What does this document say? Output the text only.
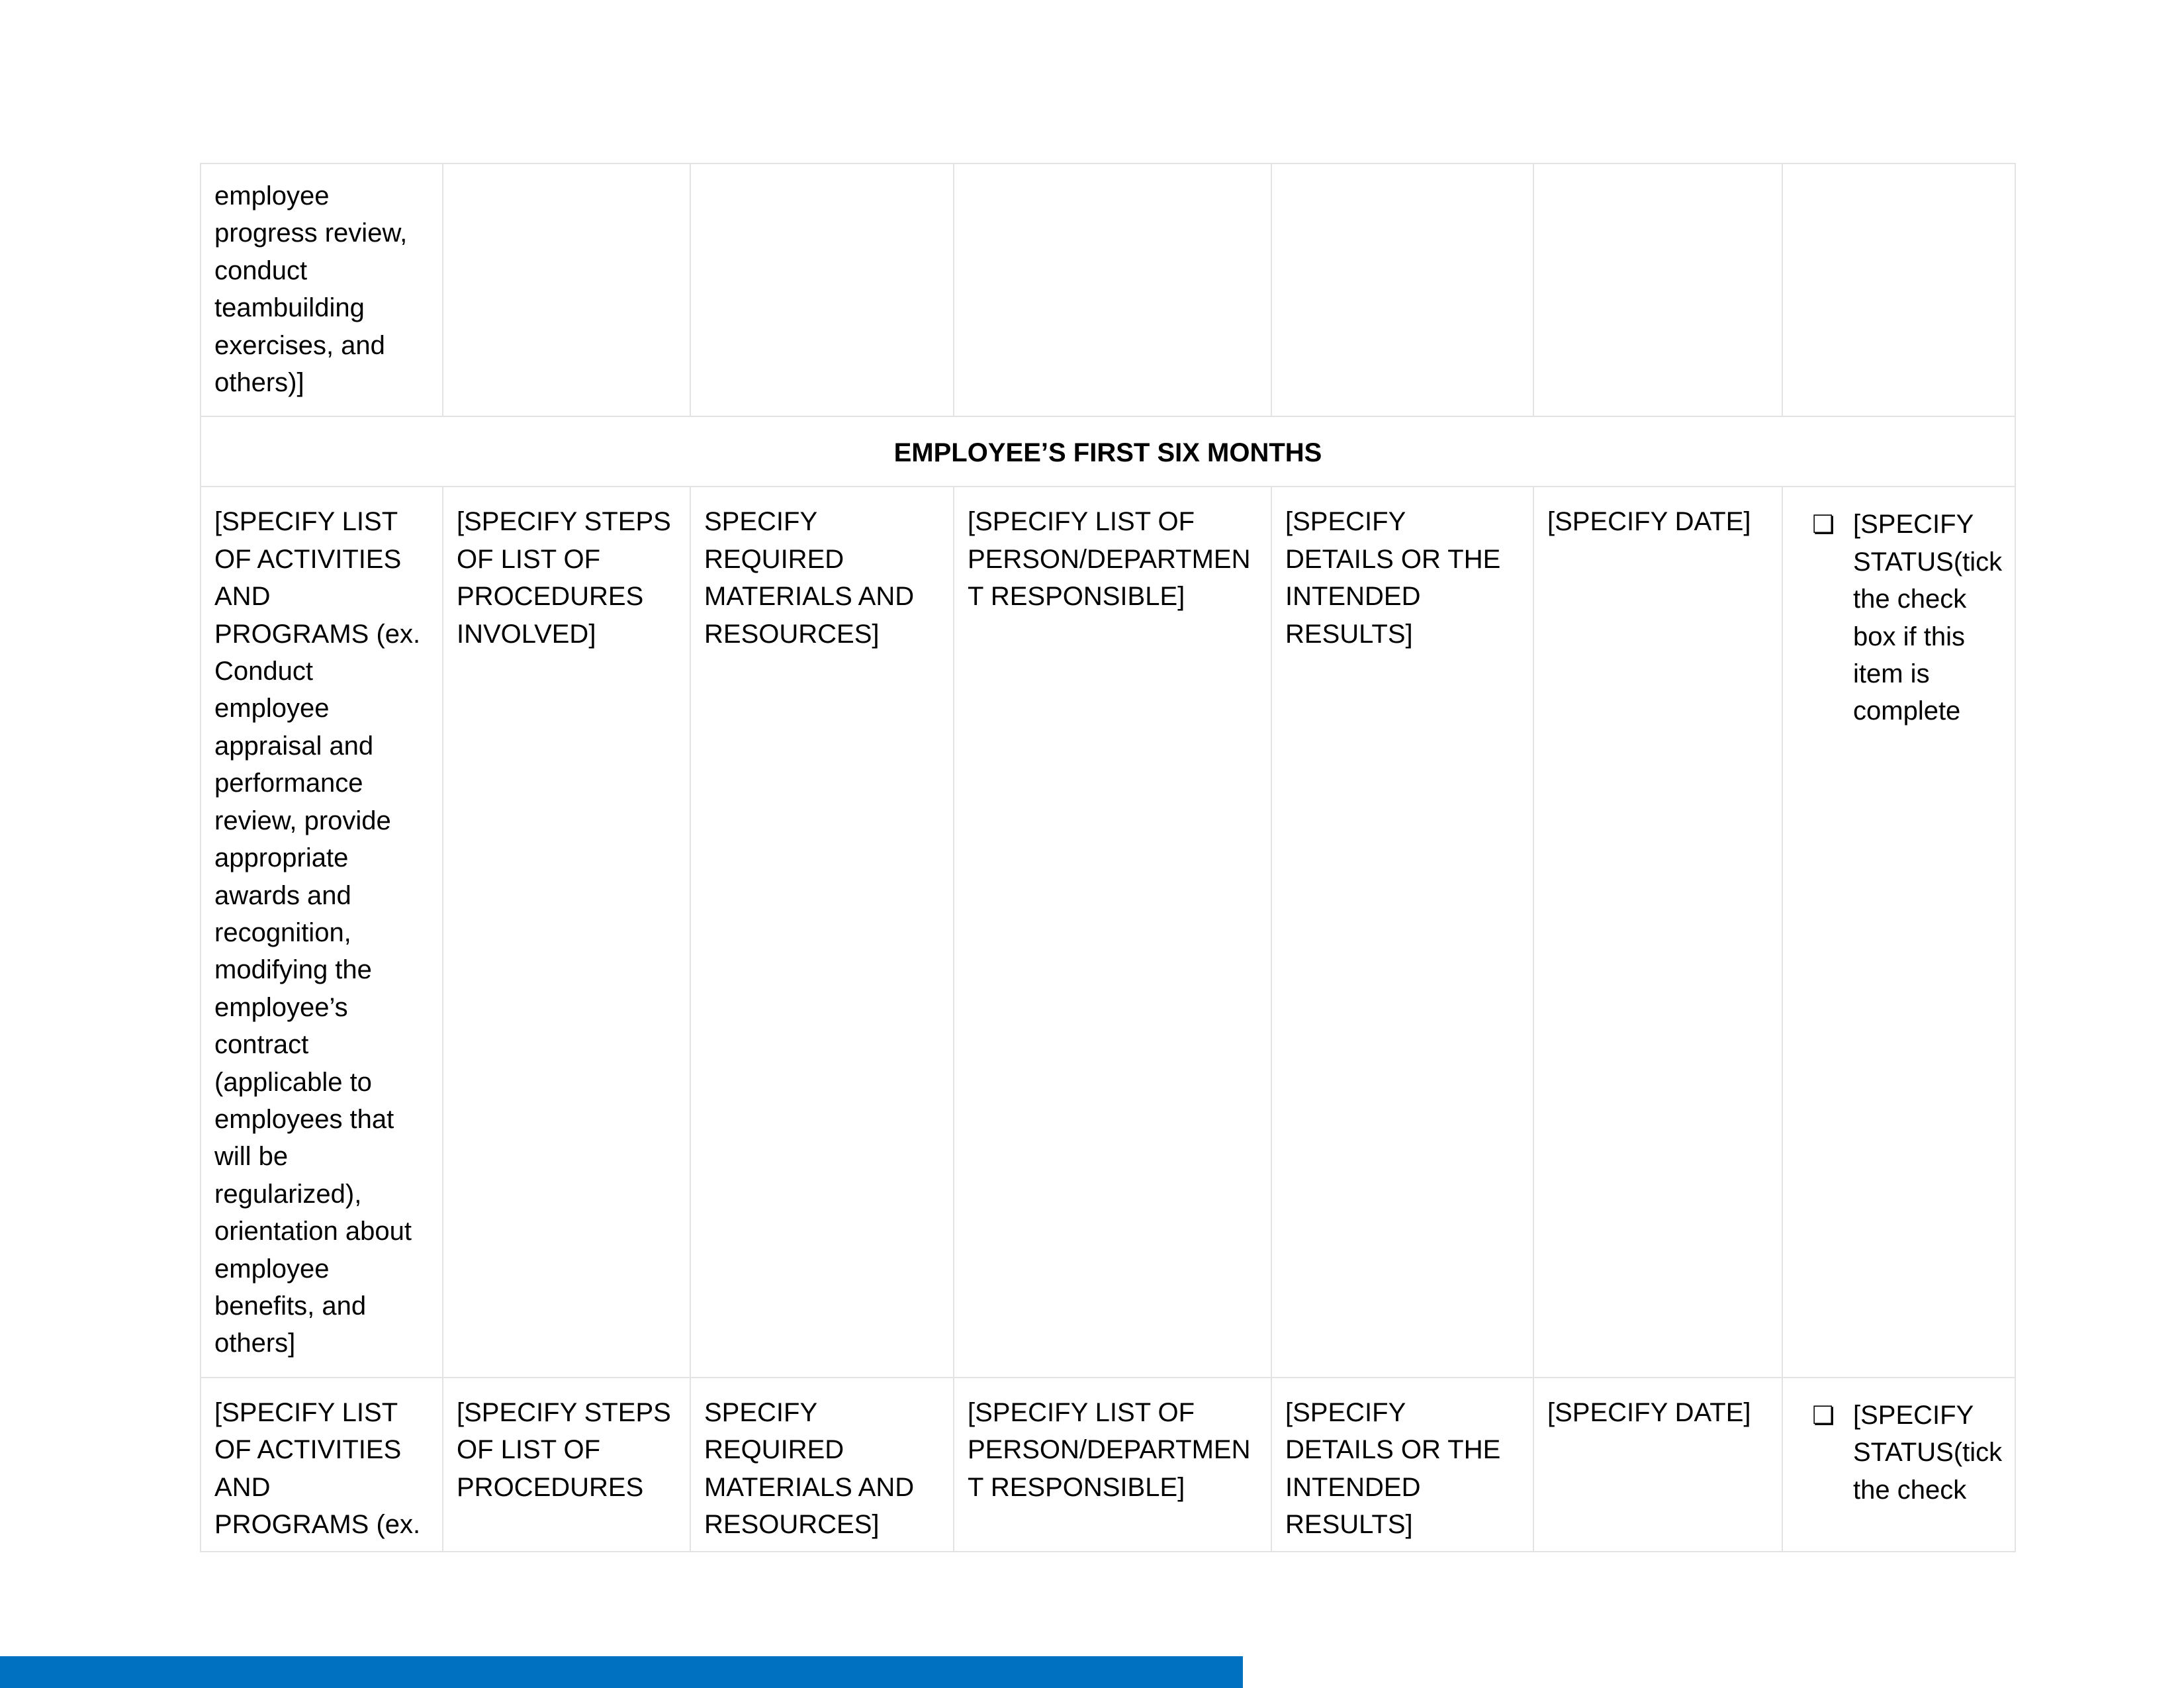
employee progress review, conduct teambuilding exercises, and others)]						
EMPLOYEE’S FIRST SIX MONTHS						
[SPECIFY LIST OF ACTIVITIES AND PROGRAMS (ex. Conduct employee appraisal and performance review, provide appropriate awards and recognition, modifying the employee’s contract (applicable to employees that will be regularized), orientation about employee benefits, and others]	[SPECIFY STEPS OF LIST OF PROCEDURES INVOLVED]	SPECIFY REQUIRED MATERIALS AND RESOURCES]	[SPECIFY LIST OF PERSON/DEPARTMENT RESPONSIBLE]	[SPECIFY DETAILS OR THE INTENDED RESULTS]	[SPECIFY DATE]	❏ [SPECIFY STATUS(tick the check box if this item is complete

[SPECIFY LIST OF ACTIVITIES AND PROGRAMS (ex.	[SPECIFY STEPS OF LIST OF PROCEDURES	SPECIFY REQUIRED MATERIALS AND RESOURCES]	[SPECIFY LIST OF PERSON/DEPARTMENT RESPONSIBLE]	[SPECIFY DETAILS OR THE INTENDED RESULTS]	[SPECIFY DATE]	❏ [SPECIFY STATUS(tick the check
